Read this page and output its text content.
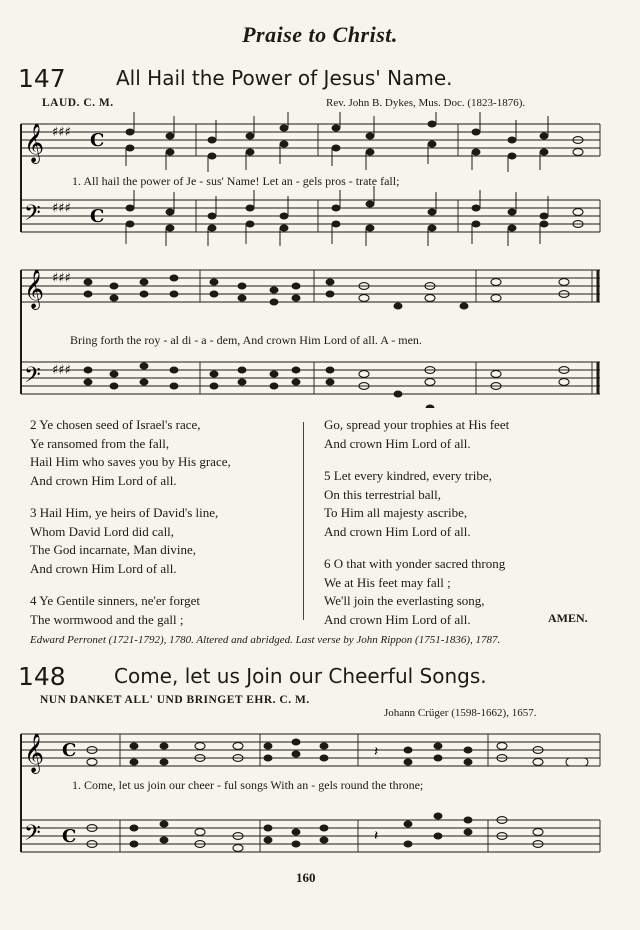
Praise to Christ.
147	All Hail the Power of Jesus' Name.
LAUD. C. M.	Rev. John B. Dykes, Mus. Doc. (1823-1876).
𝄞
𝄢
♯♯♯
♯♯♯
C
C
1. All hail the power of Je - sus' Name! Let an - gels pros - trate fall;
𝄞
𝄢
♯♯♯
♯♯♯
Bring forth the roy - al di - a - dem, And crown Him Lord of all. A - men.
2 Ye chosen seed of Israel's race,
Ye ransomed from the fall,
Hail Him who saves you by His grace,
And crown Him Lord of all.
3 Hail Him, ye heirs of David's line,
Whom David Lord did call,
The God incarnate, Man divine,
And crown Him Lord of all.
4 Ye Gentile sinners, ne'er forget
The wormwood and the gall ;
Go, spread your trophies at His feet
And crown Him Lord of all.
5 Let every kindred, every tribe,
On this terrestrial ball,
To Him all majesty ascribe,
And crown Him Lord of all.
6 O that with yonder sacred throng
We at His feet may fall ;
We'll join the everlasting song,
And crown Him Lord of all.	AMEN.
Edward Perronet (1721-1792), 1780. Altered and abridged. Last verse by John Rippon (1751-1836), 1787.
148 Come, let us Join our Cheerful Songs.
NUN DANKET ALL' UND BRINGET EHR. C. M.
Johann Crüger (1598-1662), 1657.
𝄞
𝄢
C
C
𝄽
𝄽
1. Come, let us join our cheer - ful songs With an - gels round the throne;
160
